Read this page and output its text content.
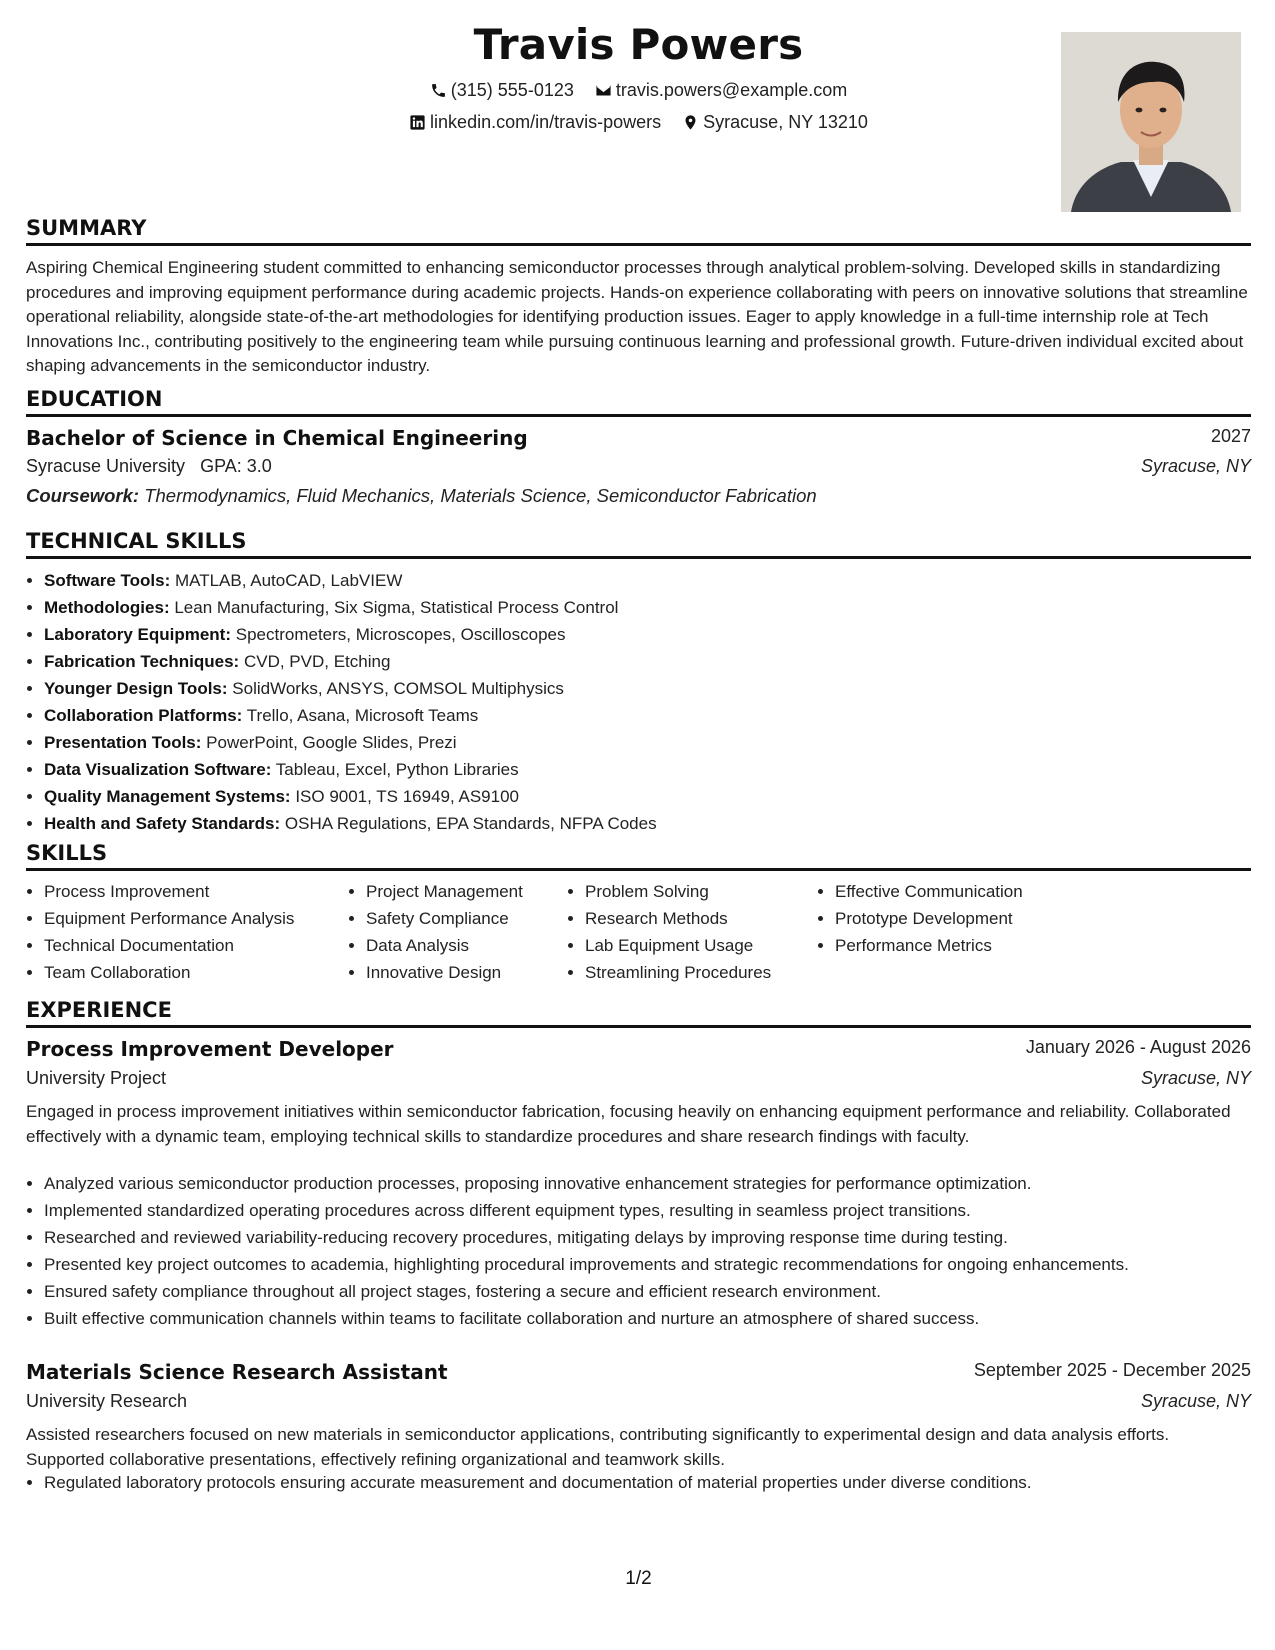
Travis Powers
(315) 555-0123
travis.powers@example.com
linkedin.com/in/travis-powers
Syracuse, NY 13210
SUMMARY
Aspiring Chemical Engineering student committed to enhancing semiconductor processes through analytical problem-solving. Developed skills in standardizing procedures and improving equipment performance during academic projects. Hands-on experience collaborating with peers on innovative solutions that streamline operational reliability, alongside state-of-the-art methodologies for identifying production issues. Eager to apply knowledge in a full-time internship role at Tech Innovations Inc., contributing positively to the engineering team while pursuing continuous learning and professional growth. Future-driven individual excited about shaping advancements in the semiconductor industry.
EDUCATION
Bachelor of Science in Chemical Engineering	2027
Syracuse University GPA: 3.0	Syracuse, NY
Coursework: Thermodynamics, Fluid Mechanics, Materials Science, Semiconductor Fabrication
TECHNICAL SKILLS
• Software Tools: MATLAB, AutoCAD, LabVIEW
• Methodologies: Lean Manufacturing, Six Sigma, Statistical Process Control
• Laboratory Equipment: Spectrometers, Microscopes, Oscilloscopes
• Fabrication Techniques: CVD, PVD, Etching
• Younger Design Tools: SolidWorks, ANSYS, COMSOL Multiphysics
• Collaboration Platforms: Trello, Asana, Microsoft Teams
• Presentation Tools: PowerPoint, Google Slides, Prezi
• Data Visualization Software: Tableau, Excel, Python Libraries
• Quality Management Systems: ISO 9001, TS 16949, AS9100
• Health and Safety Standards: OSHA Regulations, EPA Standards, NFPA Codes
SKILLS
• Process Improvement
• Equipment Performance Analysis
• Technical Documentation
• Team Collaboration
• Project Management
• Safety Compliance
• Data Analysis
• Innovative Design
• Problem Solving
• Research Methods
• Lab Equipment Usage
• Streamlining Procedures
• Effective Communication
• Prototype Development
• Performance Metrics
EXPERIENCE
Process Improvement Developer	January 2026 - August 2026
University Project	Syracuse, NY
Engaged in process improvement initiatives within semiconductor fabrication, focusing heavily on enhancing equipment performance and reliability. Collaborated effectively with a dynamic team, employing technical skills to standardize procedures and share research findings with faculty.
• Analyzed various semiconductor production processes, proposing innovative enhancement strategies for performance optimization.
• Implemented standardized operating procedures across different equipment types, resulting in seamless project transitions.
• Researched and reviewed variability-reducing recovery procedures, mitigating delays by improving response time during testing.
• Presented key project outcomes to academia, highlighting procedural improvements and strategic recommendations for ongoing enhancements.
• Ensured safety compliance throughout all project stages, fostering a secure and efficient research environment.
• Built effective communication channels within teams to facilitate collaboration and nurture an atmosphere of shared success.
Materials Science Research Assistant	September 2025 - December 2025
University Research	Syracuse, NY
Assisted researchers focused on new materials in semiconductor applications, contributing significantly to experimental design and data analysis efforts. Supported collaborative presentations, effectively refining organizational and teamwork skills.
• Regulated laboratory protocols ensuring accurate measurement and documentation of material properties under diverse conditions.
1/2
